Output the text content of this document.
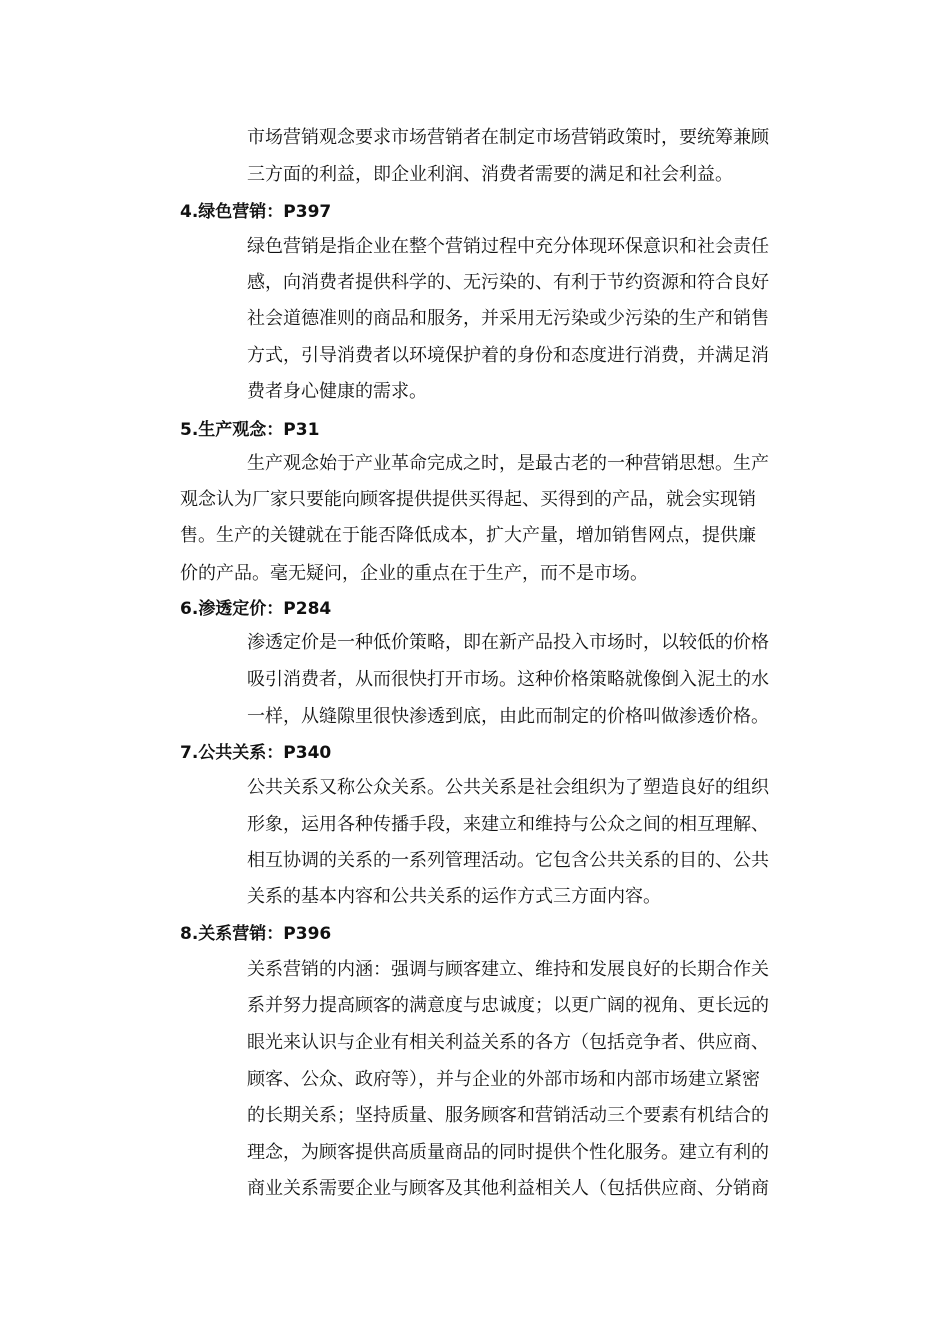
市场营销观念要求市场营销者在制定市场营销政策时，要统筹兼顾
三方面的利益，即企业利润、消费者需要的满足和社会利益。
4.绿色营销：P397
绿色营销是指企业在整个营销过程中充分体现环保意识和社会责任
感，向消费者提供科学的、无污染的、有利于节约资源和符合良好
社会道德准则的商品和服务，并采用无污染或少污染的生产和销售
方式，引导消费者以环境保护着的身份和态度进行消费，并满足消
费者身心健康的需求。
5.生产观念：P31
生产观念始于产业革命完成之时，是最古老的一种营销思想。生产
观念认为厂家只要能向顾客提供提供买得起、买得到的产品，就会实现销
售。生产的关键就在于能否降低成本，扩大产量，增加销售网点，提供廉
价的产品。毫无疑问，企业的重点在于生产，而不是市场。
6.渗透定价：P284
渗透定价是一种低价策略，即在新产品投入市场时，以较低的价格
吸引消费者，从而很快打开市场。这种价格策略就像倒入泥土的水
一样，从缝隙里很快渗透到底，由此而制定的价格叫做渗透价格。
7.公共关系：P340
公共关系又称公众关系。公共关系是社会组织为了塑造良好的组织
形象，运用各种传播手段，来建立和维持与公众之间的相互理解、
相互协调的关系的一系列管理活动。它包含公共关系的目的、公共
关系的基本内容和公共关系的运作方式三方面内容。
8.关系营销：P396
关系营销的内涵：强调与顾客建立、维持和发展良好的长期合作关
系并努力提高顾客的满意度与忠诚度；以更广阔的视角、更长远的
眼光来认识与企业有相关利益关系的各方（包括竞争者、供应商、
顾客、公众、政府等），并与企业的外部市场和内部市场建立紧密
的长期关系；坚持质量、服务顾客和营销活动三个要素有机结合的
理念，为顾客提供高质量商品的同时提供个性化服务。建立有利的
商业关系需要企业与顾客及其他利益相关人（包括供应商、分销商
